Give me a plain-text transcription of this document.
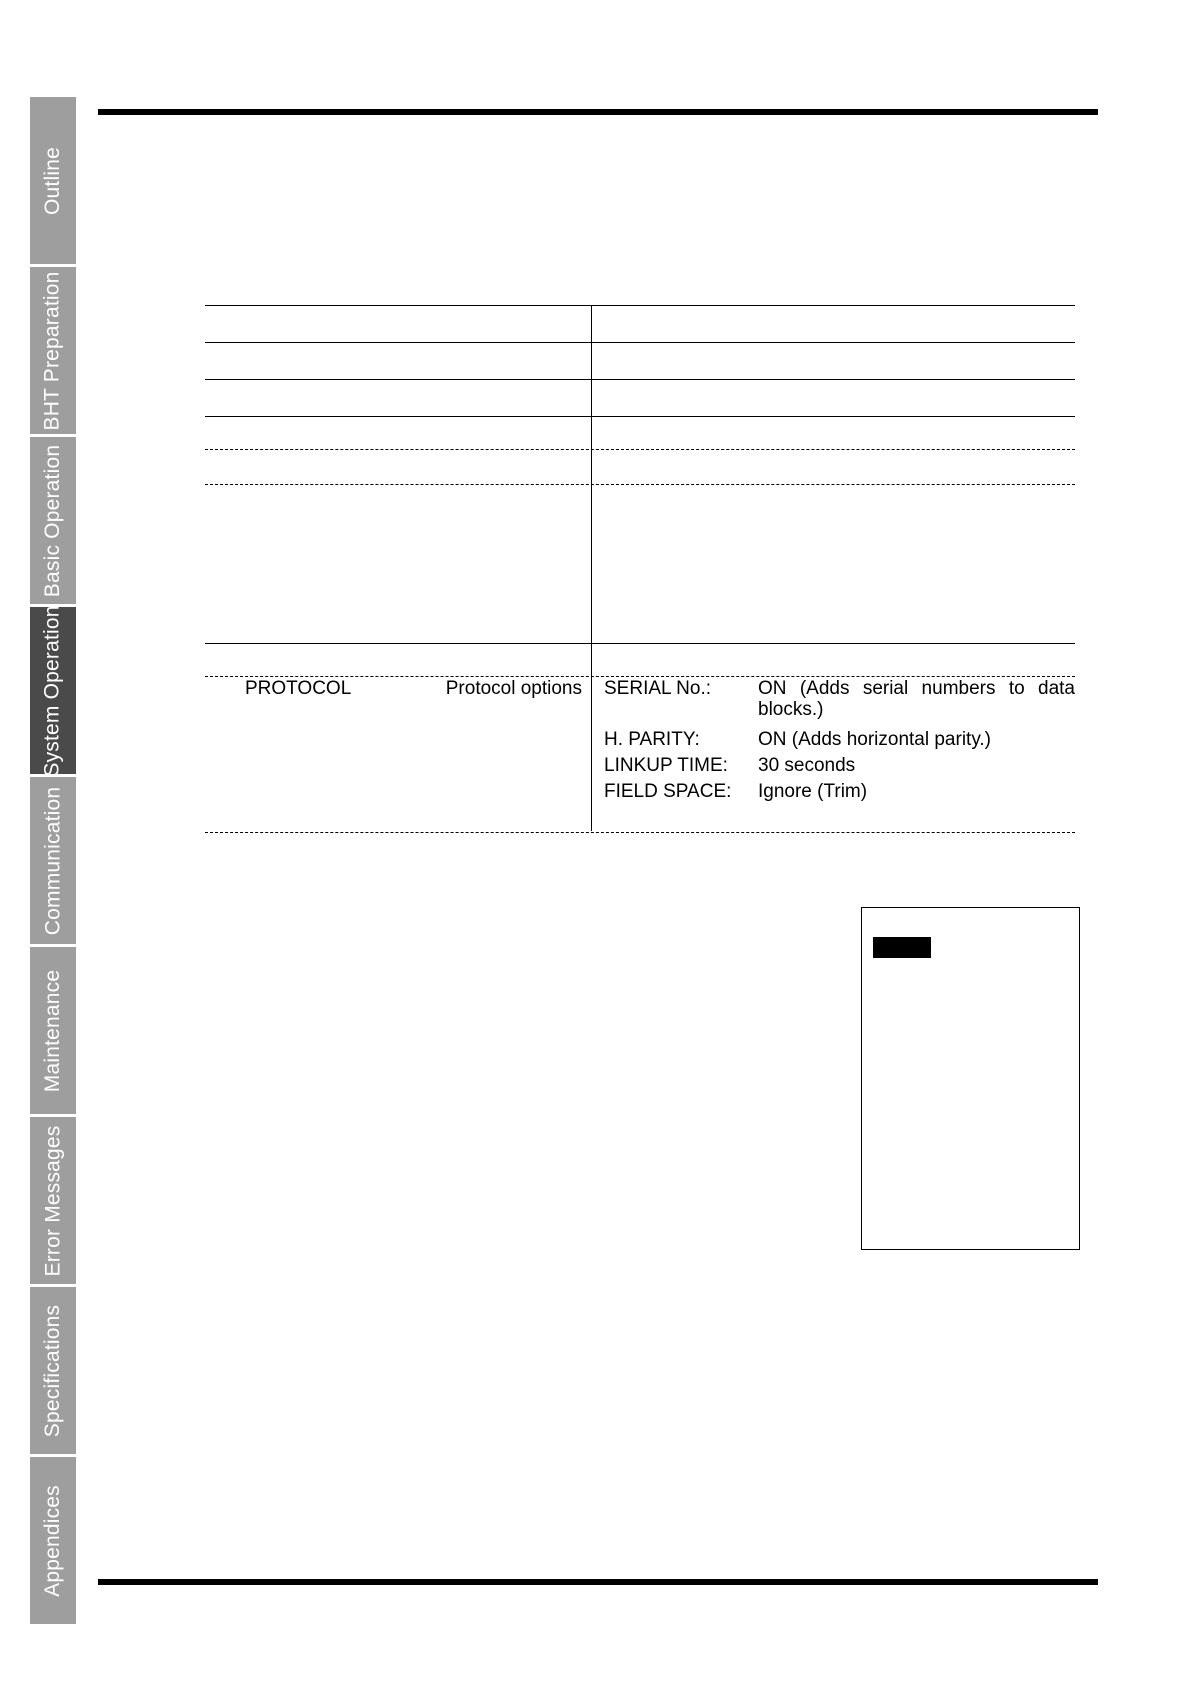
Outline
BHT Preparation
Basic Operation
System Operation
Communication
Maintenance
Error Messages
Specifications
Appendices
PROTOCOL	Protocol options SERIAL No.: ON (Adds serial numbers to data blocks.)
H. PARITY:	ON (Adds horizontal parity.)
LINKUP TIME: 30 seconds
FIELD SPACE: Ignore (Trim)
